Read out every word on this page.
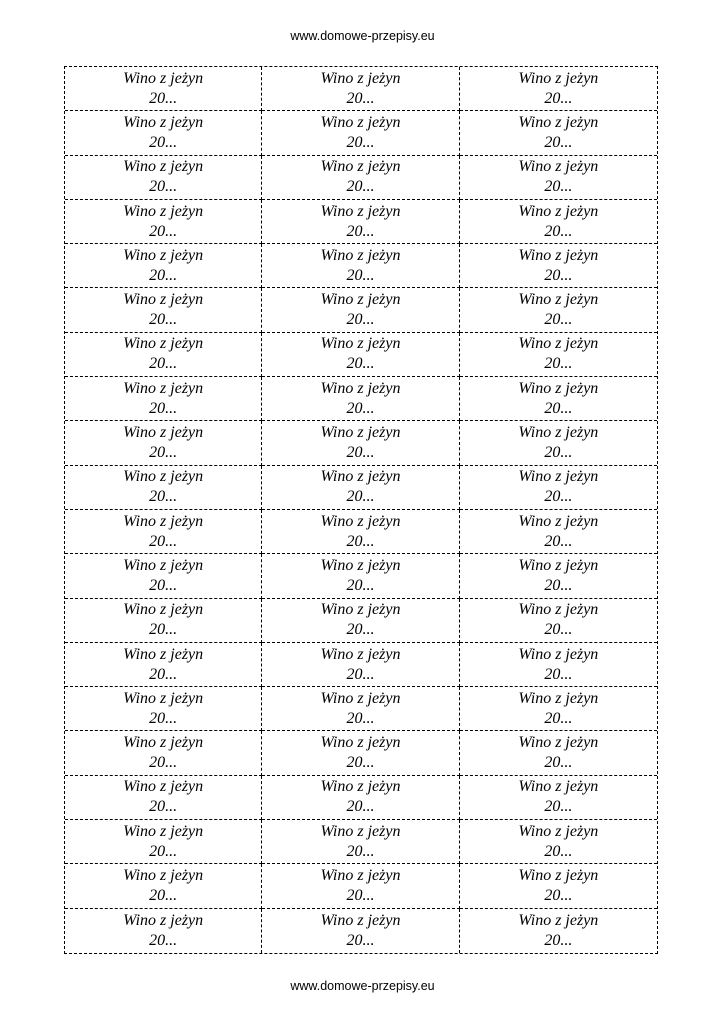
www.domowe-przepisy.eu
Wino z jeżyn
20...
Wino z jeżyn
20...
Wino z jeżyn
20...
Wino z jeżyn
20...
Wino z jeżyn
20...
Wino z jeżyn
20...
Wino z jeżyn
20...
Wino z jeżyn
20...
Wino z jeżyn
20...
Wino z jeżyn
20...
Wino z jeżyn
20...
Wino z jeżyn
20...
Wino z jeżyn
20...
Wino z jeżyn
20...
Wino z jeżyn
20...
Wino z jeżyn
20...
Wino z jeżyn
20...
Wino z jeżyn
20...
Wino z jeżyn
20...
Wino z jeżyn
20...
Wino z jeżyn
20...
Wino z jeżyn
20...
Wino z jeżyn
20...
Wino z jeżyn
20...
Wino z jeżyn
20...
Wino z jeżyn
20...
Wino z jeżyn
20...
Wino z jeżyn
20...
Wino z jeżyn
20...
Wino z jeżyn
20...
Wino z jeżyn
20...
Wino z jeżyn
20...
Wino z jeżyn
20...
Wino z jeżyn
20...
Wino z jeżyn
20...
Wino z jeżyn
20...
Wino z jeżyn
20...
Wino z jeżyn
20...
Wino z jeżyn
20...
Wino z jeżyn
20...
Wino z jeżyn
20...
Wino z jeżyn
20...
Wino z jeżyn
20...
Wino z jeżyn
20...
Wino z jeżyn
20...
Wino z jeżyn
20...
Wino z jeżyn
20...
Wino z jeżyn
20...
Wino z jeżyn
20...
Wino z jeżyn
20...
Wino z jeżyn
20...
Wino z jeżyn
20...
Wino z jeżyn
20...
Wino z jeżyn
20...
Wino z jeżyn
20...
Wino z jeżyn
20...
Wino z jeżyn
20...
Wino z jeżyn
20...
Wino z jeżyn
20...
Wino z jeżyn
20...
www.domowe-przepisy.eu
